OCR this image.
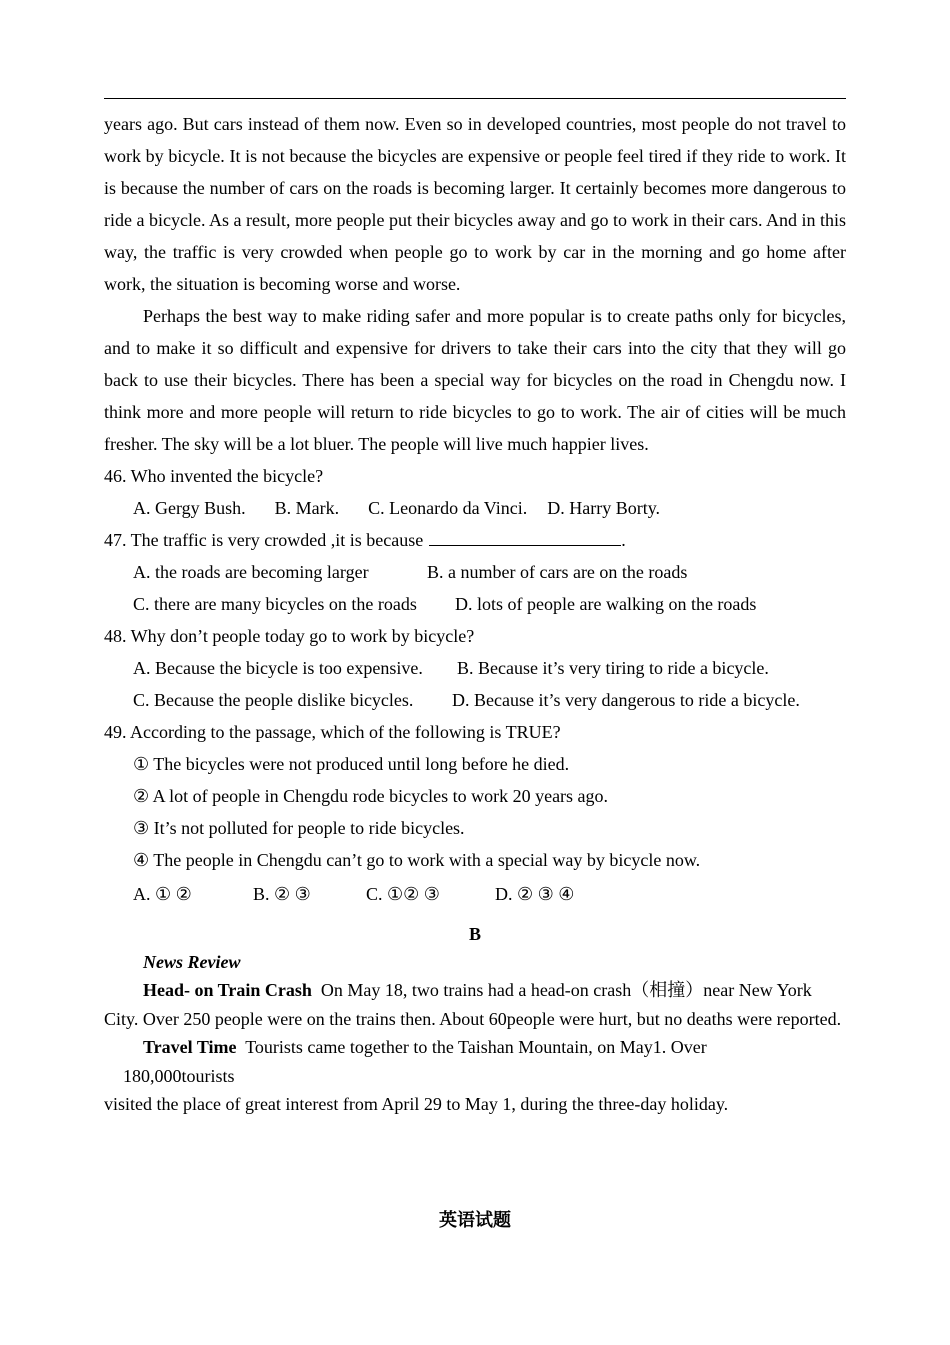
years ago. But cars instead of them now. Even so in developed countries, most people do not travel to work by bicycle. It is not because the bicycles are expensive or people feel tired if they ride to work. It is because the number of cars on the roads is becoming larger. It certainly becomes more dangerous to ride a bicycle. As a result, more people put their bicycles away and go to work in their cars. And in this way, the traffic is very crowded when people go to work by car in the morning and go home after work, the situation is becoming worse and worse.

Perhaps the best way to make riding safer and more popular is to create paths only for bicycles, and to make it so difficult and expensive for drivers to take their cars into the city that they will go back to use their bicycles. There has been a special way for bicycles on the road in Chengdu now. I think more and more people will return to ride bicycles to go to work. The air of cities will be much fresher. The sky will be a lot bluer. The people will live much happier lives.

46. Who invented the bicycle?

A. Gergy Bush. B. Mark. C. Leonardo da Vinci. D. Harry Borty.

47. The traffic is very crowded ,it is because	.

A. the roads are becoming larger	B. a number of cars are on the roads

C. there are many bicycles on the roads D. lots of people are walking on the roads

48. Why don’t people today go to work by bicycle?

A. Because the bicycle is too expensive. B. Because it’s very tiring to ride a bicycle.

C. Because the people dislike bicycles. D. Because it’s very dangerous to ride a bicycle.

49. According to the passage, which of the following is TRUE?

① The bicycles were not produced until long before he died.

② A lot of people in Chengdu rode bicycles to work 20 years ago.

③ It’s not polluted for people to ride bicycles.

④ The people in Chengdu can’t go to work with a special way by bicycle now.

A. ① ②	B. ② ③	C. ①② ③	D. ② ③ ④

B

News Review

Head- on Train Crash On May 18, two trains had a head-on crash（相撞）near New York City. Over 250 people were on the trains then. About 60people were hurt, but no deaths were reported.

Travel Time Tourists came together to the Taishan Mountain, on May1. Over

180,000tourists

visited the place of great interest from April 29 to May 1, during the three-day holiday.

英语试题
